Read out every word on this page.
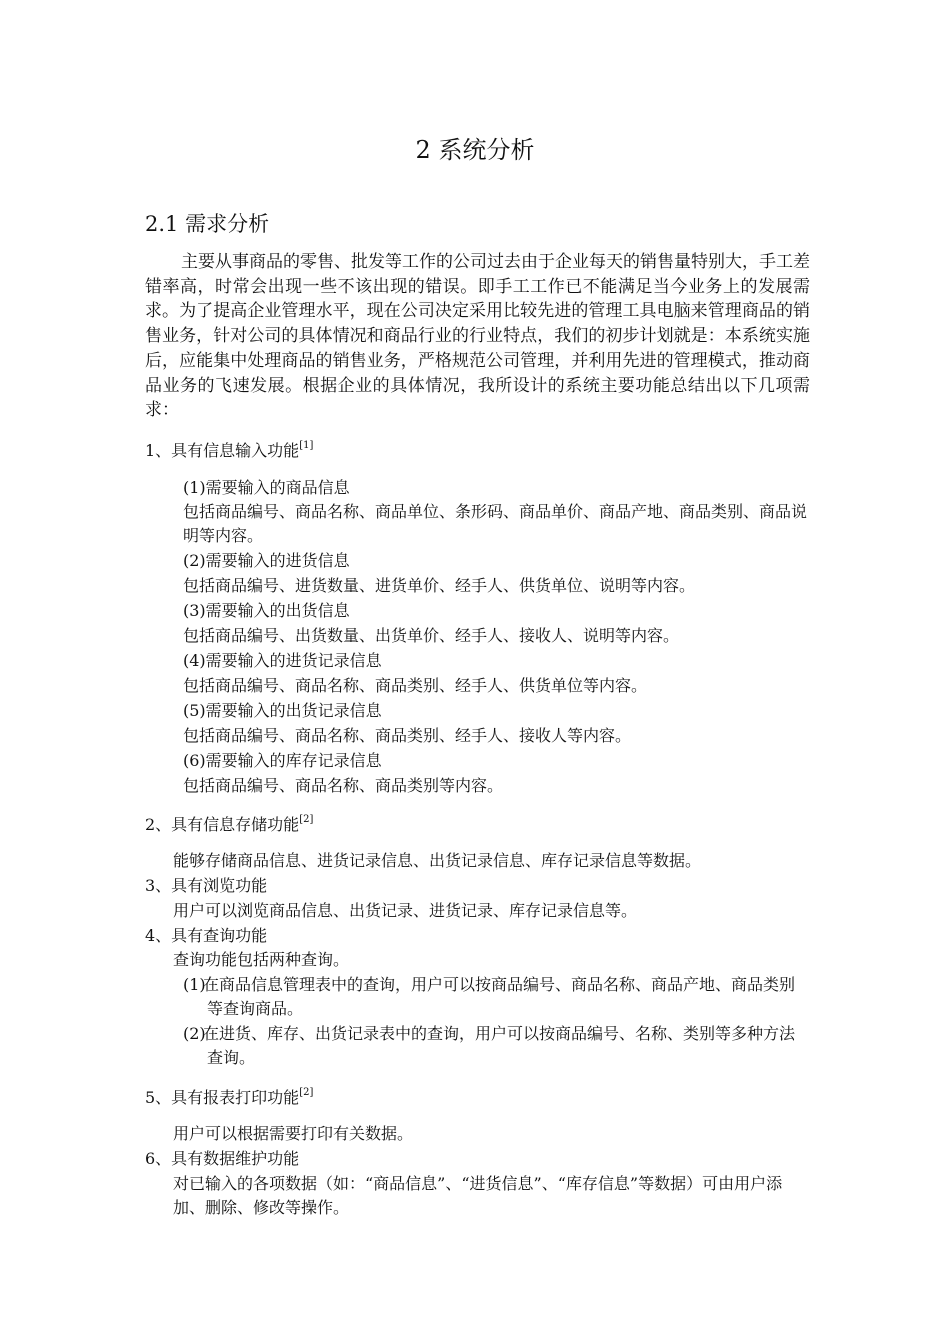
2 系统分析
2.1 需求分析
主要从事商品的零售、批发等工作的公司过去由于企业每天的销售量特别大，手工差错率高，时常会出现一些不该出现的错误。即手工工作已不能满足当今业务上的发展需求。为了提高企业管理水平，现在公司决定采用比较先进的管理工具电脑来管理商品的销售业务，针对公司的具体情况和商品行业的行业特点，我们的初步计划就是：本系统实施后，应能集中处理商品的销售业务，严格规范公司管理，并利用先进的管理模式，推动商品业务的飞速发展。根据企业的具体情况，我所设计的系统主要功能总结出以下几项需求：
1、具有信息输入功能[1]
(1)需要输入的商品信息
包括商品编号、商品名称、商品单位、条形码、商品单价、商品产地、商品类别、商品说明等内容。
(2)需要输入的进货信息
包括商品编号、进货数量、进货单价、经手人、供货单位、说明等内容。
(3)需要输入的出货信息
包括商品编号、出货数量、出货单价、经手人、接收人、说明等内容。
(4)需要输入的进货记录信息
包括商品编号、商品名称、商品类别、经手人、供货单位等内容。
(5)需要输入的出货记录信息
包括商品编号、商品名称、商品类别、经手人、接收人等内容。
(6)需要输入的库存记录信息
包括商品编号、商品名称、商品类别等内容。
2、具有信息存储功能[2]
能够存储商品信息、进货记录信息、出货记录信息、库存记录信息等数据。
3、具有浏览功能
用户可以浏览商品信息、出货记录、进货记录、库存记录信息等。
4、具有查询功能
查询功能包括两种查询。
(1)
在商品信息管理表中的查询，用户可以按商品编号、商品名称、商品产地、商品类别等查询商品。
(2)
在进货、库存、出货记录表中的查询，用户可以按商品编号、名称、类别等多种方法查询。
5、具有报表打印功能[2]
用户可以根据需要打印有关数据。
6、具有数据维护功能
对已输入的各项数据（如：“商品信息”、“进货信息”、“库存信息”等数据）可由用户添加、删除、修改等操作。
